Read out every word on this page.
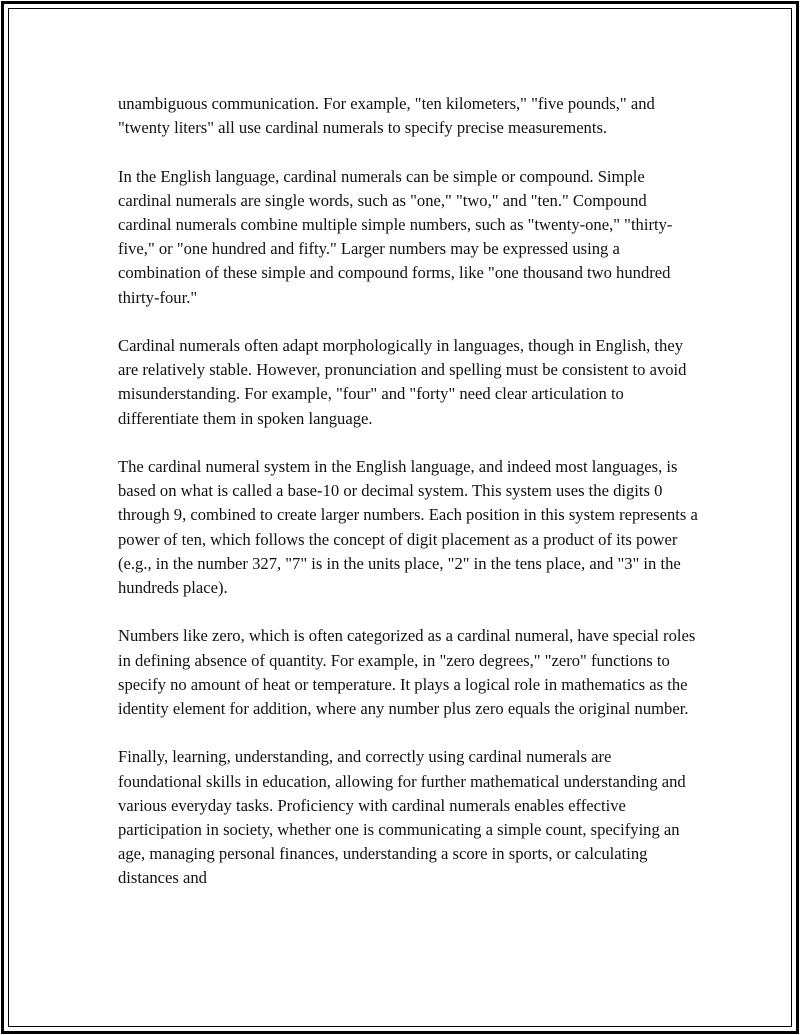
unambiguous communication. For example, "ten kilometers," "five pounds," and "twenty liters" all use cardinal numerals to specify precise measurements.

In the English language, cardinal numerals can be simple or compound. Simple cardinal numerals are single words, such as "one," "two," and "ten." Compound cardinal numerals combine multiple simple numbers, such as "twenty-one," "thirty-five," or "one hundred and fifty." Larger numbers may be expressed using a combination of these simple and compound forms, like "one thousand two hundred thirty-four."

Cardinal numerals often adapt morphologically in languages, though in English, they are relatively stable. However, pronunciation and spelling must be consistent to avoid misunderstanding. For example, "four" and "forty" need clear articulation to differentiate them in spoken language.

The cardinal numeral system in the English language, and indeed most languages, is based on what is called a base-10 or decimal system. This system uses the digits 0 through 9, combined to create larger numbers. Each position in this system represents a power of ten, which follows the concept of digit placement as a product of its power (e.g., in the number 327, "7" is in the units place, "2" in the tens place, and "3" in the hundreds place).

Numbers like zero, which is often categorized as a cardinal numeral, have special roles in defining absence of quantity. For example, in "zero degrees," "zero" functions to specify no amount of heat or temperature. It plays a logical role in mathematics as the identity element for addition, where any number plus zero equals the original number.

Finally, learning, understanding, and correctly using cardinal numerals are foundational skills in education, allowing for further mathematical understanding and various everyday tasks. Proficiency with cardinal numerals enables effective participation in society, whether one is communicating a simple count, specifying an age, managing personal finances, understanding a score in sports, or calculating distances and
